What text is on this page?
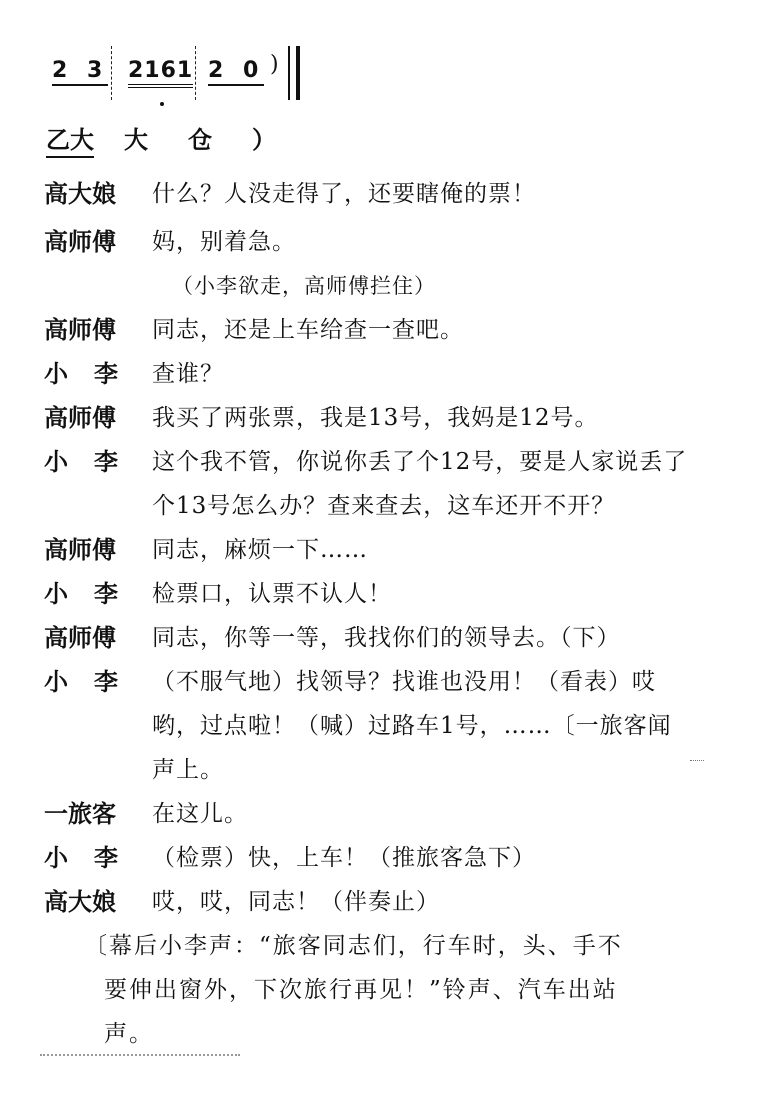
2 3 2161 2 0 )
乙大 大 仓 ）
高大娘	什么？人没走得了，还要瞎俺的票！
高师傅	妈，别着急。
（小李欲走，高师傅拦住）
高师傅	同志，还是上车给查一查吧。
小李 查谁？
高师傅	我买了两张票，我是13号，我妈是12号。
小李 这个我不管，你说你丢了个12号，要是人家说丢了
个13号怎么办？查来查去，这车还开不开？
高师傅	同志，麻烦一下……
小李 检票口，认票不认人！
高师傅	同志，你等一等，我找你们的领导去。（下）
小李 （不服气地）找领导？找谁也没用！（看表）哎
哟，过点啦！（喊）过路车1号，……〔一旅客闻
声上。
一旅客	在这儿。
小李 （检票）快，上车！（推旅客急下）
高大娘	哎，哎，同志！（伴奏止）
〔幕后小李声：“旅客同志们，行车时，头、手不
要伸出窗外，下次旅行再见！”铃声、汽车出站
声。
